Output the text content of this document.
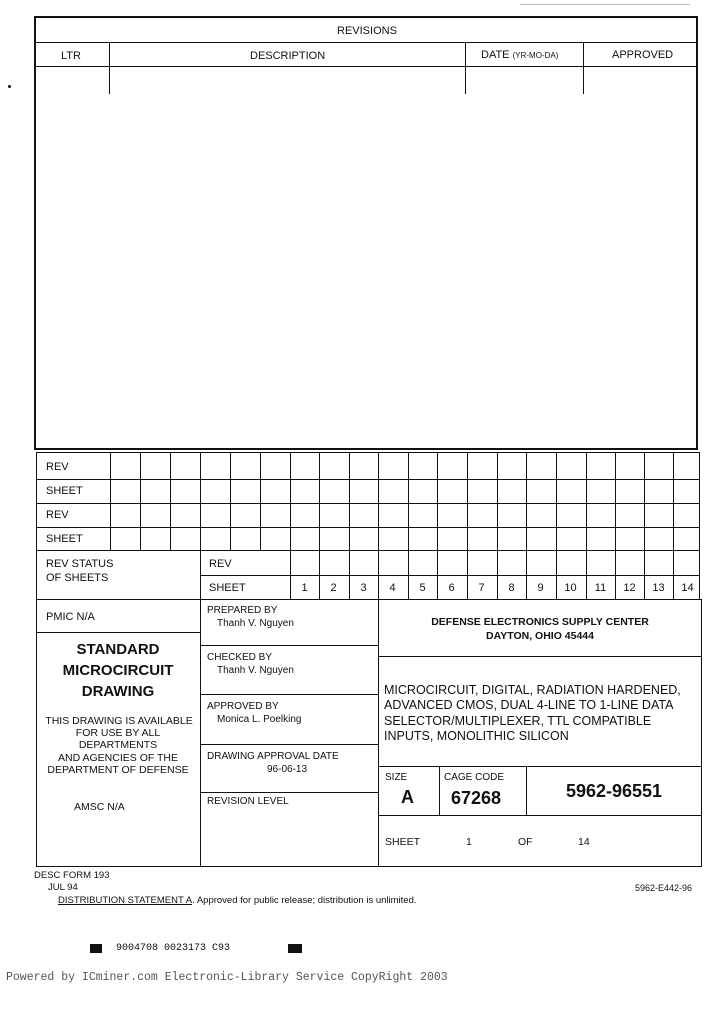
REVISIONS
LTR	DESCRIPTION	DATE (YR-MO-DA)	APPROVED
REV
SHEET
REV
SHEET
REV STATUS
OF SHEETS
REV
SHEET	1	2	3	4	5	6	7	8	9	10	11	12	13	14
PMIC N/A
STANDARD
MICROCIRCUIT
DRAWING
THIS DRAWING IS AVAILABLE
FOR USE BY ALL
DEPARTMENTS
AND AGENCIES OF THE
DEPARTMENT OF DEFENSE
AMSC N/A
PREPARED BY
Thanh V. Nguyen
CHECKED BY
Thanh V. Nguyen
APPROVED BY
Monica L. Poelking
DRAWING APPROVAL DATE
96-06-13
REVISION LEVEL
DEFENSE ELECTRONICS SUPPLY CENTER
DAYTON, OHIO 45444
MICROCIRCUIT, DIGITAL, RADIATION HARDENED,
ADVANCED CMOS, DUAL 4-LINE TO 1-LINE DATA
SELECTOR/MULTIPLEXER, TTL COMPATIBLE
INPUTS, MONOLITHIC SILICON
SIZE
A
CAGE CODE
67268	5962-96551
SHEET	1	OF	14
DESC FORM 193
JUL 94
DISTRIBUTION STATEMENT A. Approved for public release; distribution is unlimited.
5962-E442-96
9004708 0023173 C93
Powered by ICminer.com Electronic-Library Service CopyRight 2003
